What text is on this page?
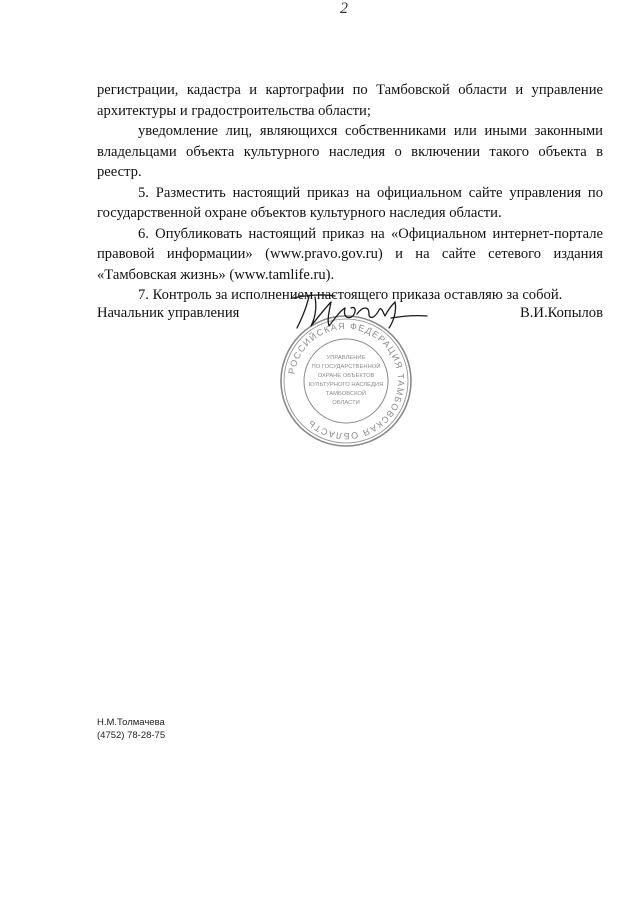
2

регистрации, кадастра и картографии по Тамбовской области и управление архитектуры и градостроительства области;

уведомление лиц, являющихся собственниками или иными законными владельцами объекта культурного наследия о включении такого объекта в реестр.

5. Разместить настоящий приказ на официальном сайте управления по государственной охране объектов культурного наследия области.

6. Опубликовать настоящий приказ на «Официальном интернет-портале правовой информации» (www.pravo.gov.ru) и на сайте сетевого издания «Тамбовская жизнь» (www.tamlife.ru).

7. Контроль за исполнением настоящего приказа оставляю за собой.

РОССИЙСКАЯ ФЕДЕРАЦИЯ ТАМБОВСКАЯ ОБЛАСТЬ
УПРАВЛЕНИЕ
ПО ГОСУДАРСТВЕННОЙ
ОХРАНЕ ОБЪЕКТОВ
КУЛЬТУРНОГО НАСЛЕДИЯ
ТАМБОВСКОЙ
ОБЛАСТИ
Начальник управления	В.И.Копылов
Н.М.Толмачева
(4752) 78-28-75
